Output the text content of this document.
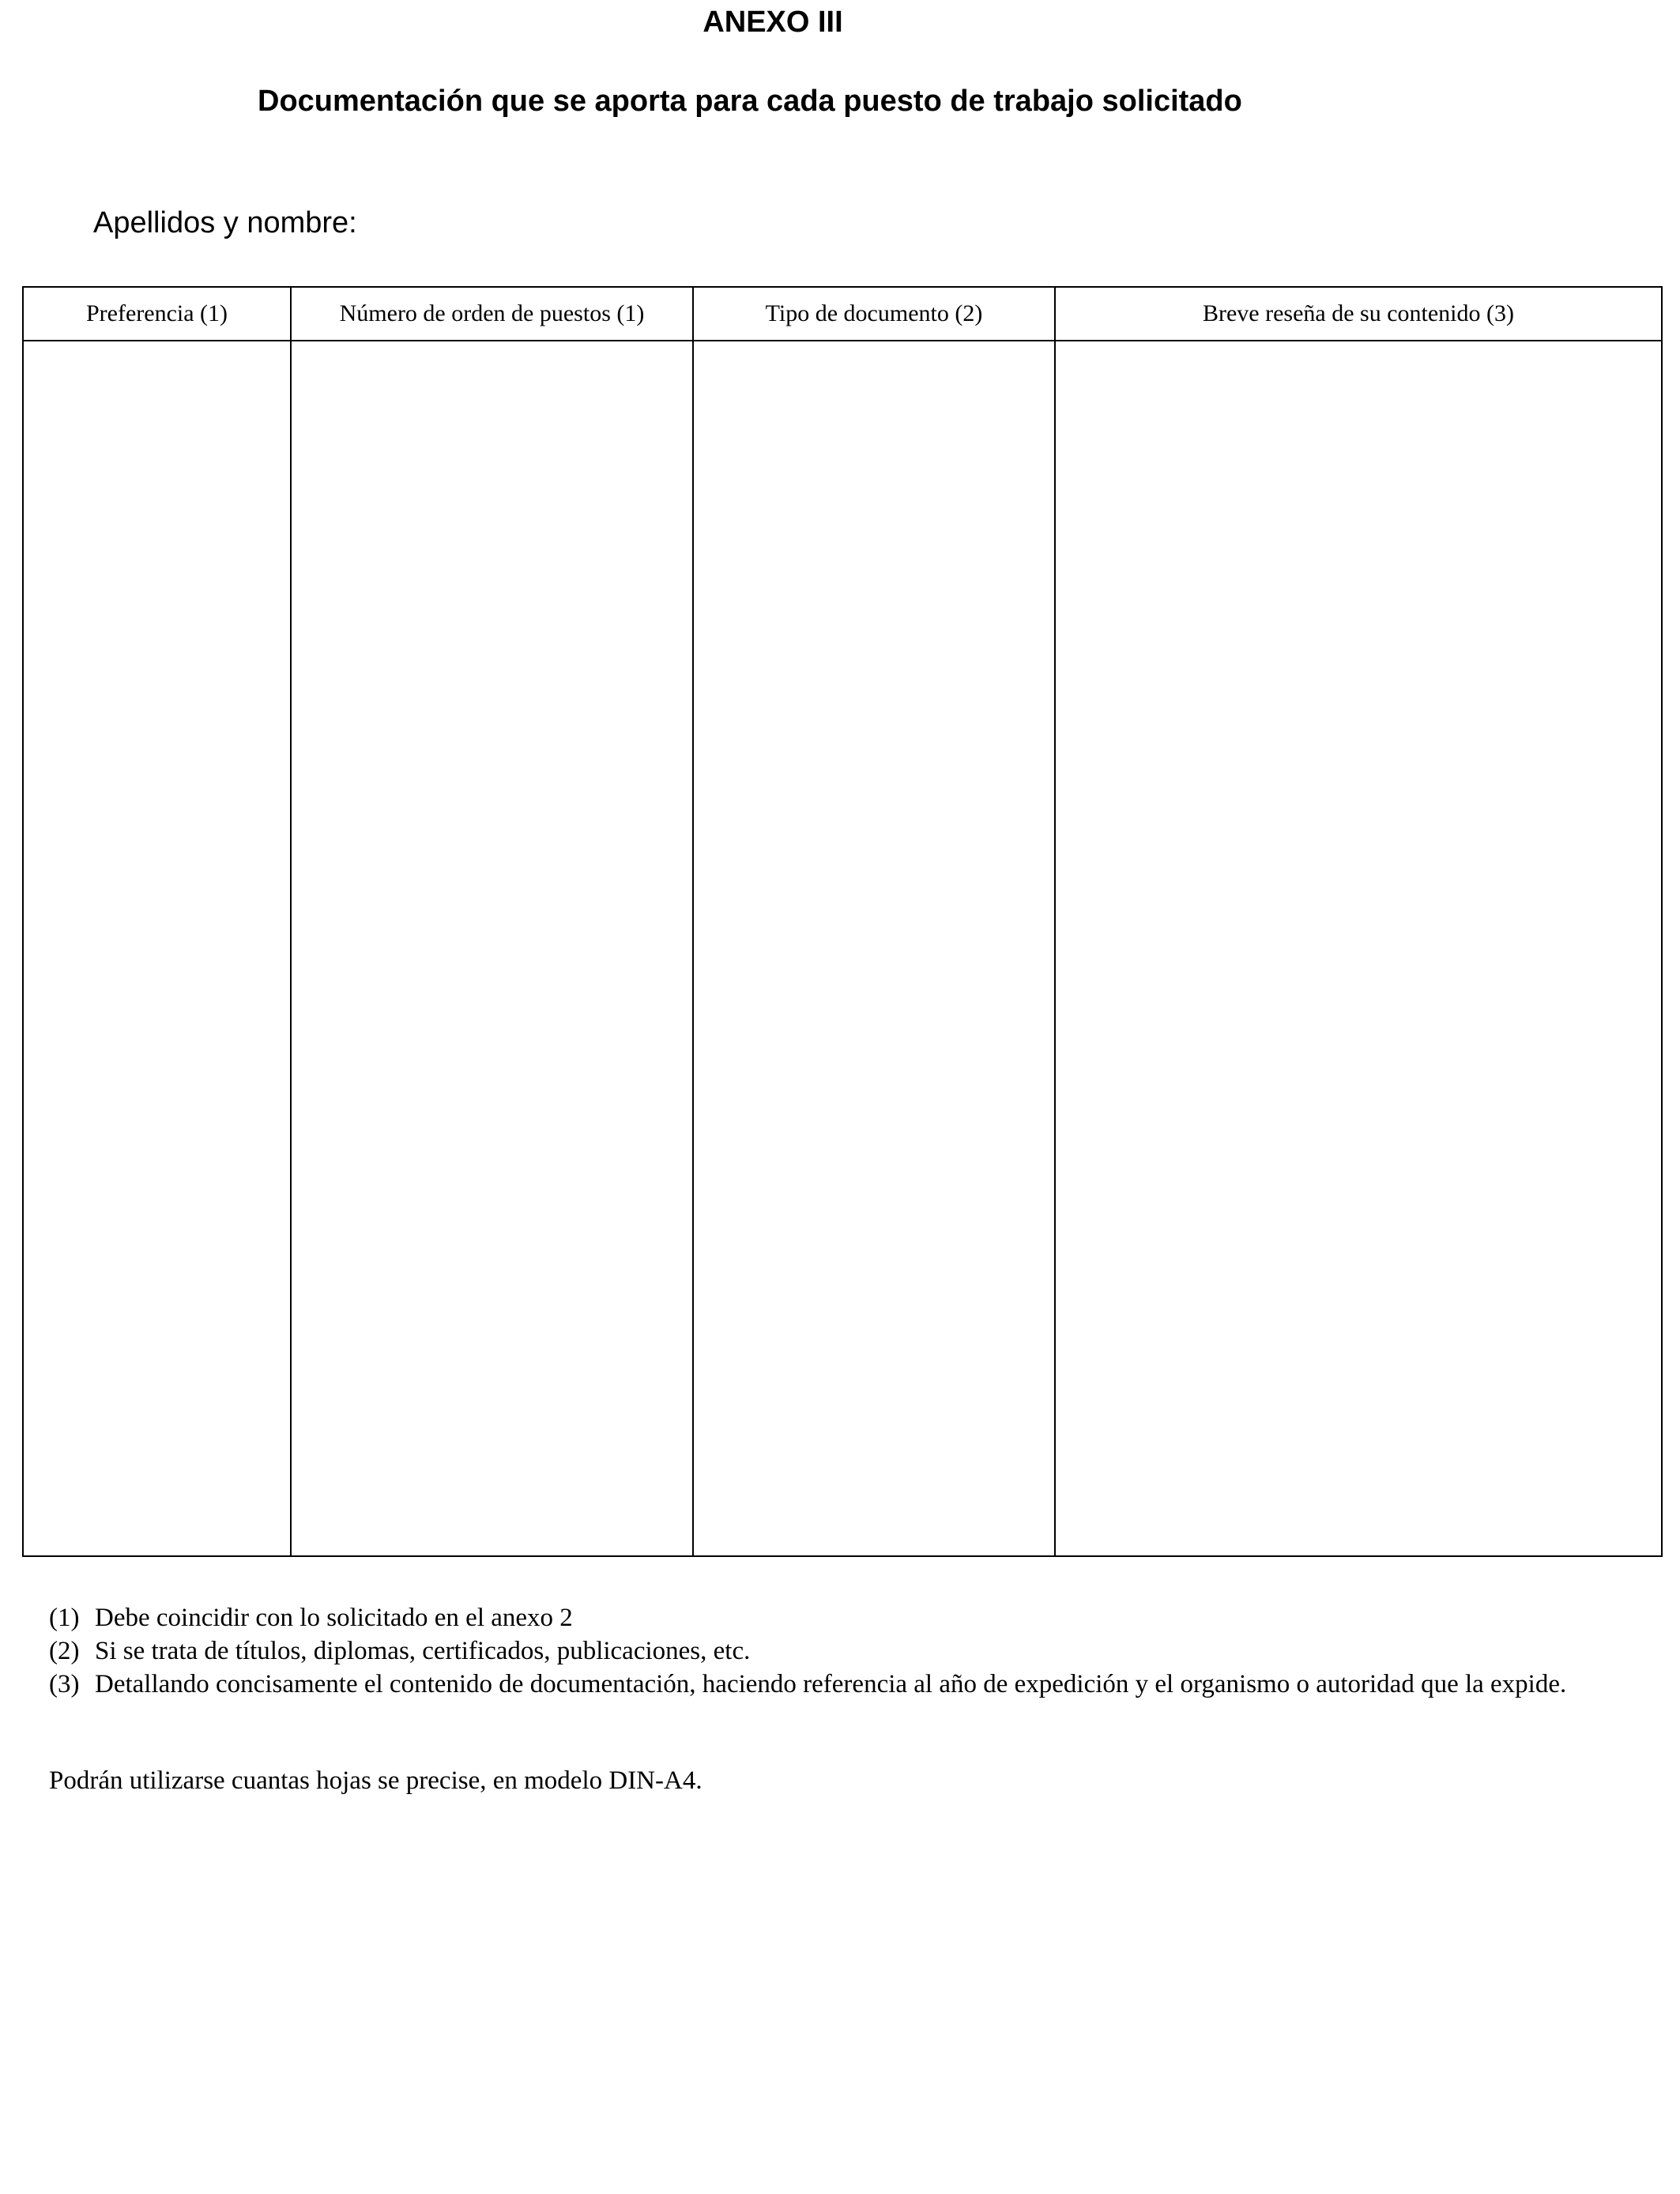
ANEXO III
Documentación que se aporta para cada puesto de trabajo solicitado
Apellidos y nombre:
Preferencia (1)	Número de orden de puestos (1)	Tipo de documento (2)	Breve reseña de su contenido (3)

(1) Debe coincidir con lo solicitado en el anexo 2
(2) Si se trata de títulos, diplomas, certificados, publicaciones, etc.
(3) Detallando concisamente el contenido de documentación, haciendo referencia al año de expedición y el organismo o autoridad que la expide.
Podrán utilizarse cuantas hojas se precise, en modelo DIN-A4.
